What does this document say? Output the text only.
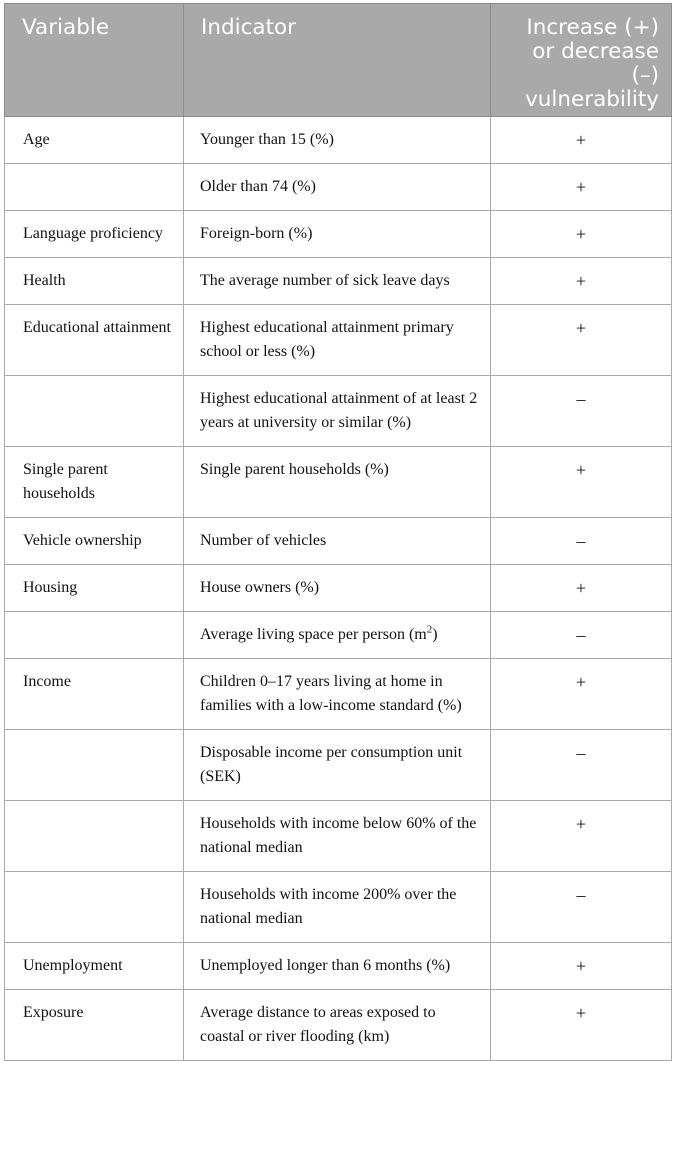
Variable	Indicator	Increase (+) or decrease (–) vulnerability
Age	Younger than 15 (%)	+
	Older than 74 (%)	+
Language proficiency	Foreign-born (%)	+
Health	The average number of sick leave days	+
Educational attainment	Highest educational attainment primary school or less (%)	+
	Highest educational attainment of at least 2 years at university or similar (%)	–
Single parent households	Single parent households (%)	+
Vehicle ownership	Number of vehicles	–
Housing	House owners (%)	+
	Average living space per person $(m^2)$	–
Income	Children 0–17 years living at home in families with a low-income standard (%)	+
	Disposable income per consumption unit (SEK)	–
	Households with income below 60% of the national median	+
	Households with income 200% over the national median	–
Unemployment	Unemployed longer than 6 months (%)	+
Exposure	Average distance to areas exposed to coastal or river flooding (km)	+
